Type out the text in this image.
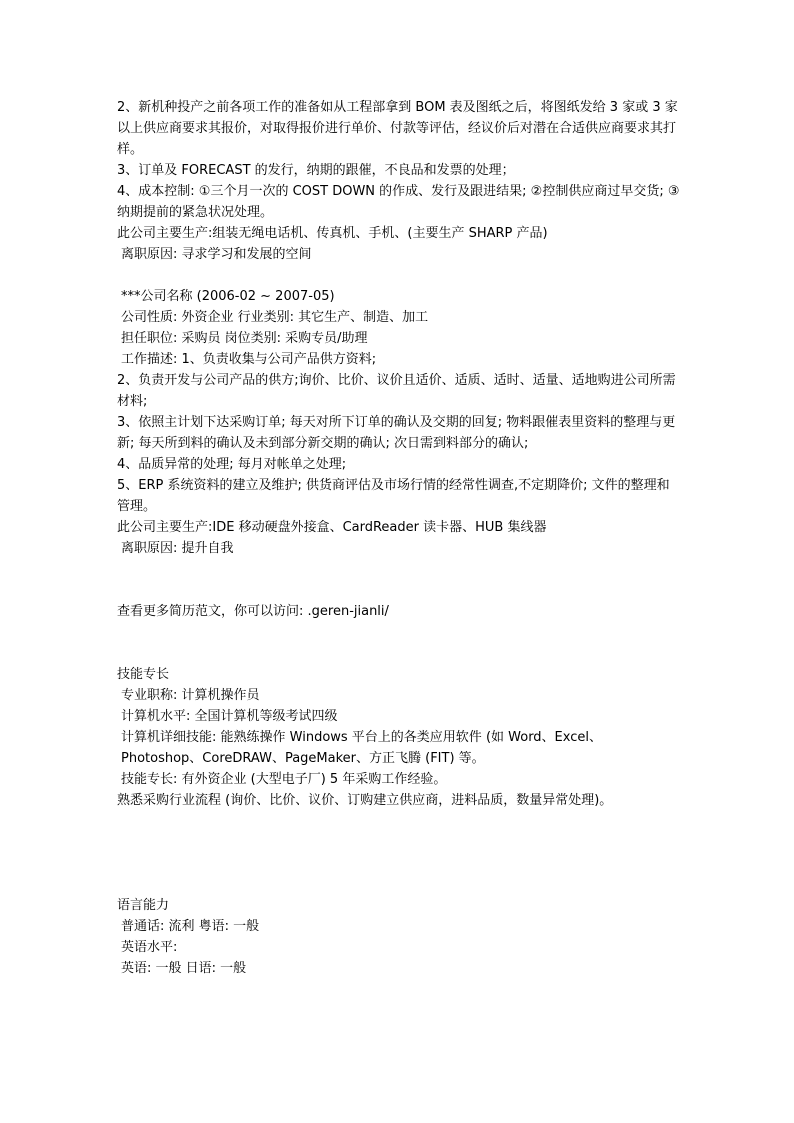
2、新机种投产之前各项工作的准备如从工程部拿到 BOM 表及图纸之后，将图纸发给 3 家或 3 家以上供应商要求其报价，对取得报价进行单价、付款等评估，经议价后对潜在合适供应商要求其打样。
3、订单及 FORECAST 的发行，纳期的跟催，不良品和发票的处理；
4、成本控制: ①三个月一次的 COST DOWN 的作成、发行及跟进结果; ②控制供应商过早交货; ③纳期提前的紧急状况处理。
此公司主要生产:组装无绳电话机、传真机、手机、(主要生产 SHARP 产品)
离职原因: 寻求学习和发展的空间
***公司名称 (2006-02 ~ 2007-05)
公司性质: 外资企业 行业类别: 其它生产、制造、加工
担任职位: 采购员 岗位类别: 采购专员/助理
工作描述: 1、负责收集与公司产品供方资料;
2、负责开发与公司产品的供方;询价、比价、议价且适价、适质、适时、适量、适地购进公司所需材料;
3、依照主计划下达采购订单; 每天对所下订单的确认及交期的回复; 物料跟催表里资料的整理与更新; 每天所到料的确认及未到部分新交期的确认; 次日需到料部分的确认;
4、品质异常的处理; 每月对帐单之处理;
5、ERP 系统资料的建立及维护; 供货商评估及市场行情的经常性调查,不定期降价; 文件的整理和管理。
此公司主要生产:IDE 移动硬盘外接盒、CardReader 读卡器、HUB 集线器
离职原因: 提升自我
查看更多简历范文，你可以访问: .geren-jianli/
技能专长
专业职称: 计算机操作员
计算机水平: 全国计算机等级考试四级
计算机详细技能: 能熟练操作 Windows 平台上的各类应用软件 (如 Word、Excel、Photoshop、CoreDRAW、PageMaker、方正飞腾 (FIT) 等。
技能专长: 有外资企业 (大型电子厂) 5 年采购工作经验。
熟悉采购行业流程 (询价、比价、议价、订购建立供应商，进料品质，数量异常处理)。
语言能力
普通话: 流利 粤语: 一般
英语水平:
英语: 一般 日语: 一般
